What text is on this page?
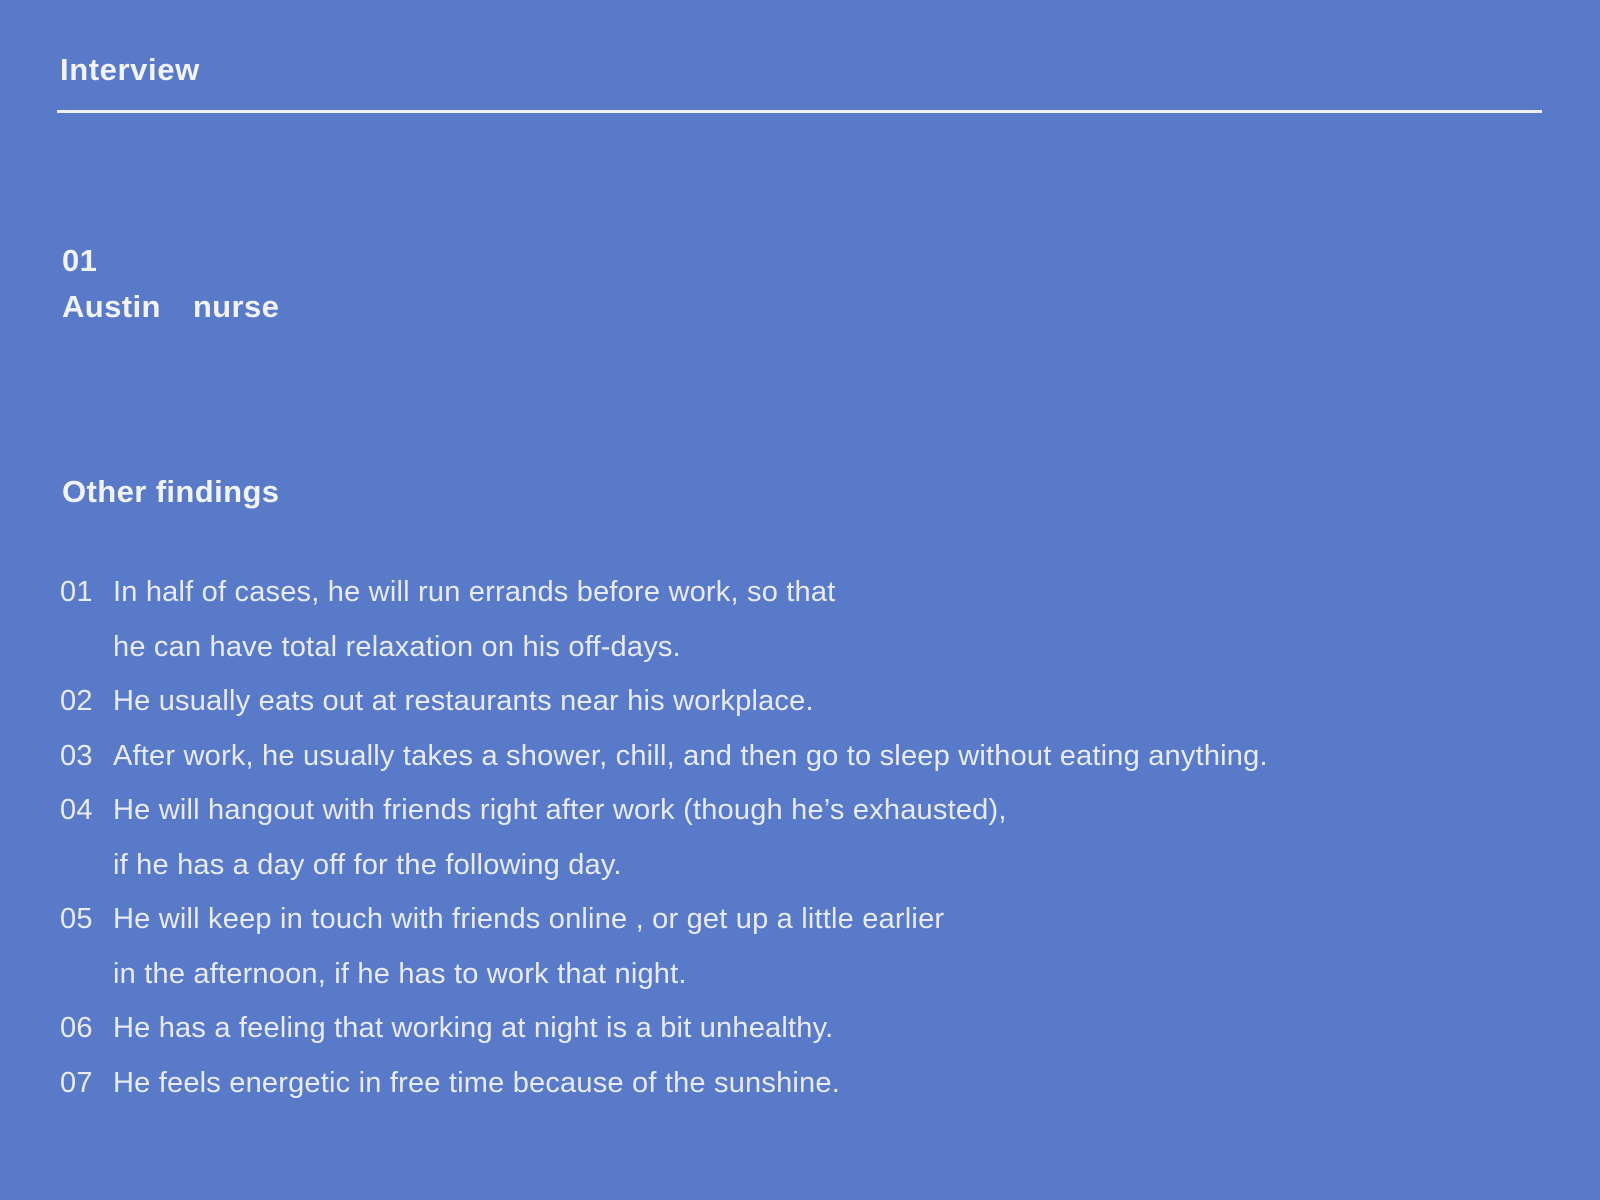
Interview
01
Austin nurse
Other findings
01 In half of cases, he will run errands before work, so that
he can have total relaxation on his off-days.
02 He usually eats out at restaurants near his workplace.
03 After work, he usually takes a shower, chill, and then go to sleep without eating anything.
04 He will hangout with friends right after work (though he’s exhausted),
if he has a day off for the following day.
05 He will keep in touch with friends online , or get up a little earlier
in the afternoon, if he has to work that night.
06 He has a feeling that working at night is a bit unhealthy.
07 He feels energetic in free time because of the sunshine.
